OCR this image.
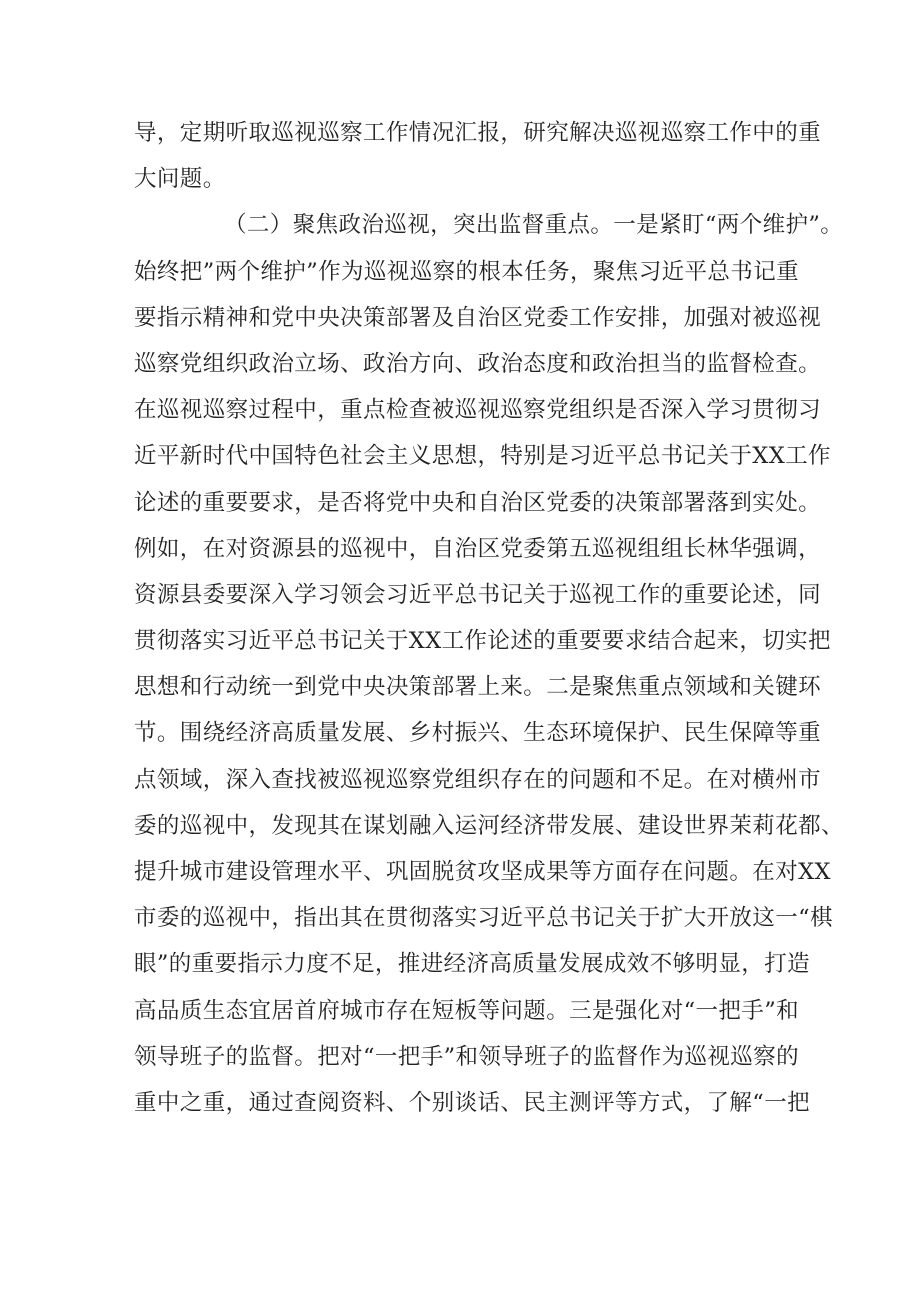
导，定期听取巡视巡察工作情况汇报，研究解决巡视巡察工作中的重
大问题。
（二）聚焦政治巡视，突出监督重点。一是紧盯“两个维护”。
始终把”两个维护”作为巡视巡察的根本任务，聚焦习近平总书记重
要指示精神和党中央决策部署及自治区党委工作安排，加强对被巡视
巡察党组织政治立场、政治方向、政治态度和政治担当的监督检查。
在巡视巡察过程中，重点检查被巡视巡察党组织是否深入学习贯彻习
近平新时代中国特色社会主义思想，特别是习近平总书记关于XX工作
论述的重要要求，是否将党中央和自治区党委的决策部署落到实处。
例如，在对资源县的巡视中，自治区党委第五巡视组组长林华强调，
资源县委要深入学习领会习近平总书记关于巡视工作的重要论述，同
贯彻落实习近平总书记关于XX工作论述的重要要求结合起来，切实把
思想和行动统一到党中央决策部署上来。二是聚焦重点领域和关键环
节。围绕经济高质量发展、乡村振兴、生态环境保护、民生保障等重
点领域，深入查找被巡视巡察党组织存在的问题和不足。在对横州市
委的巡视中，发现其在谋划融入运河经济带发展、建设世界茉莉花都、
提升城市建设管理水平、巩固脱贫攻坚成果等方面存在问题。在对XX
市委的巡视中，指出其在贯彻落实习近平总书记关于扩大开放这一“棋
眼”的重要指示力度不足，推进经济高质量发展成效不够明显，打造
高品质生态宜居首府城市存在短板等问题。三是强化对“一把手”和
领导班子的监督。把对“一把手”和领导班子的监督作为巡视巡察的
重中之重，通过查阅资料、个别谈话、民主测评等方式，了解“一把
